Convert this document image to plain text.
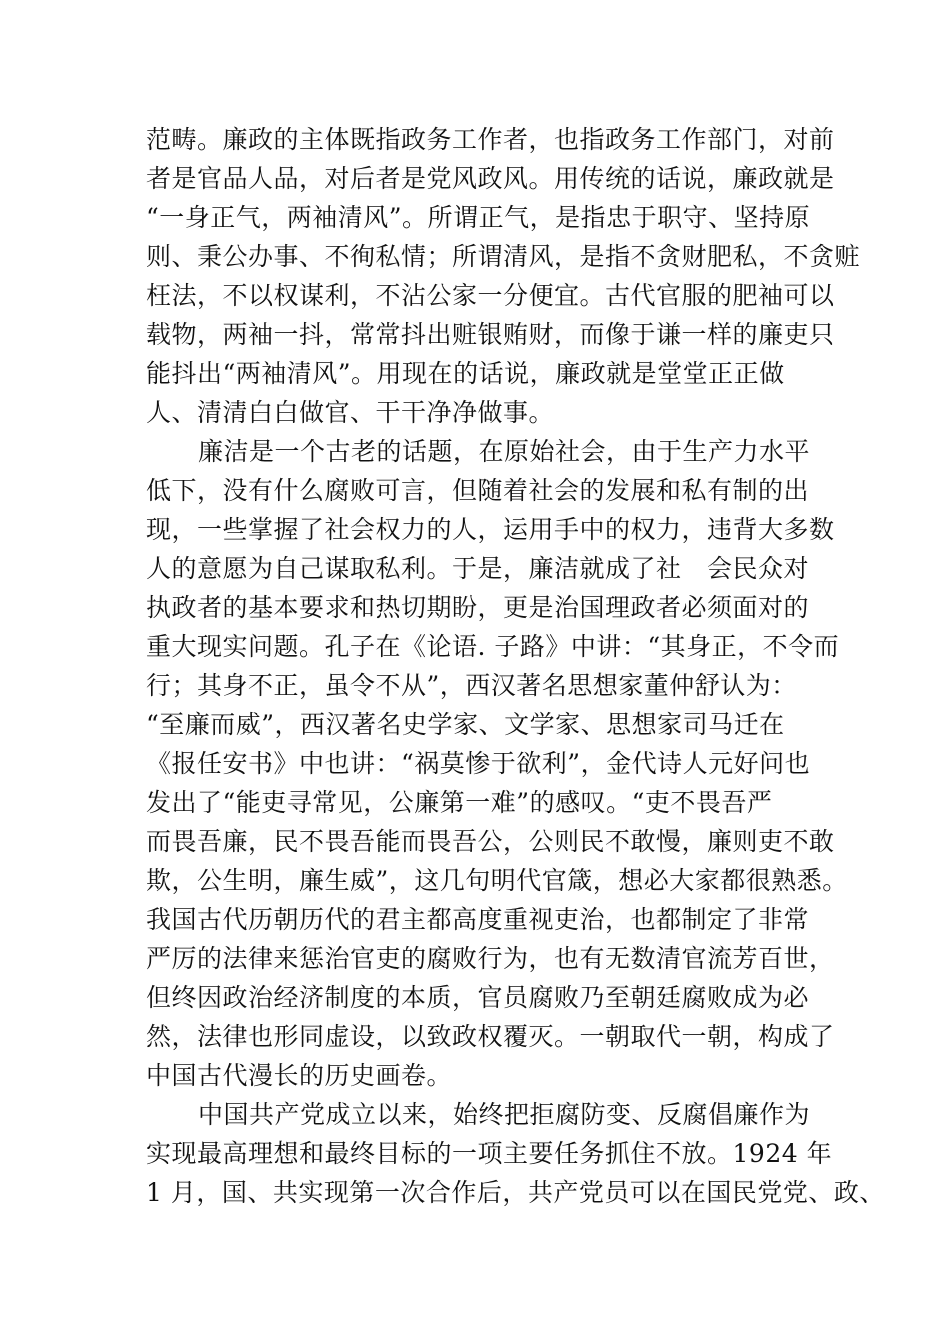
范畴。廉政的主体既指政务工作者，也指政务工作部门，对前
者是官品人品，对后者是党风政风。用传统的话说，廉政就是
“一身正气，两袖清风”。所谓正气，是指忠于职守、坚持原
则、秉公办事、不徇私情；所谓清风，是指不贪财肥私，不贪赃
枉法，不以权谋利，不沾公家一分便宜。古代官服的肥袖可以
载物，两袖一抖，常常抖出赃银贿财，而像于谦一样的廉吏只
能抖出“两袖清风”。用现在的话说，廉政就是堂堂正正做
人、清清白白做官、干干净净做事。
廉洁是一个古老的话题，在原始社会，由于生产力水平
低下，没有什么腐败可言，但随着社会的发展和私有制的出
现，一些掌握了社会权力的人，运用手中的权力，违背大多数
人的意愿为自己谋取私利。于是，廉洁就成了社　会民众对
执政者的基本要求和热切期盼，更是治国理政者必须面对的
重大现实问题。孔子在《论语. 子路》中讲：“其身正，不令而
行；其身不正，虽令不从”，西汉著名思想家董仲舒认为：
“至廉而威”，西汉著名史学家、文学家、思想家司马迁在
《报任安书》中也讲：“祸莫惨于欲利”，金代诗人元好问也
发出了“能吏寻常见，公廉第一难”的感叹。“吏不畏吾严
而畏吾廉，民不畏吾能而畏吾公，公则民不敢慢，廉则吏不敢
欺，公生明，廉生威”，这几句明代官箴，想必大家都很熟悉。
我国古代历朝历代的君主都高度重视吏治，也都制定了非常
严厉的法律来惩治官吏的腐败行为，也有无数清官流芳百世，
但终因政治经济制度的本质，官员腐败乃至朝廷腐败成为必
然，法律也形同虚设，以致政权覆灭。一朝取代一朝，构成了
中国古代漫长的历史画卷。
中国共产党成立以来，始终把拒腐防变、反腐倡廉作为
实现最高理想和最终目标的一项主要任务抓住不放。1924 年
1 月，国、共实现第一次合作后，共产党员可以在国民党党、政、
